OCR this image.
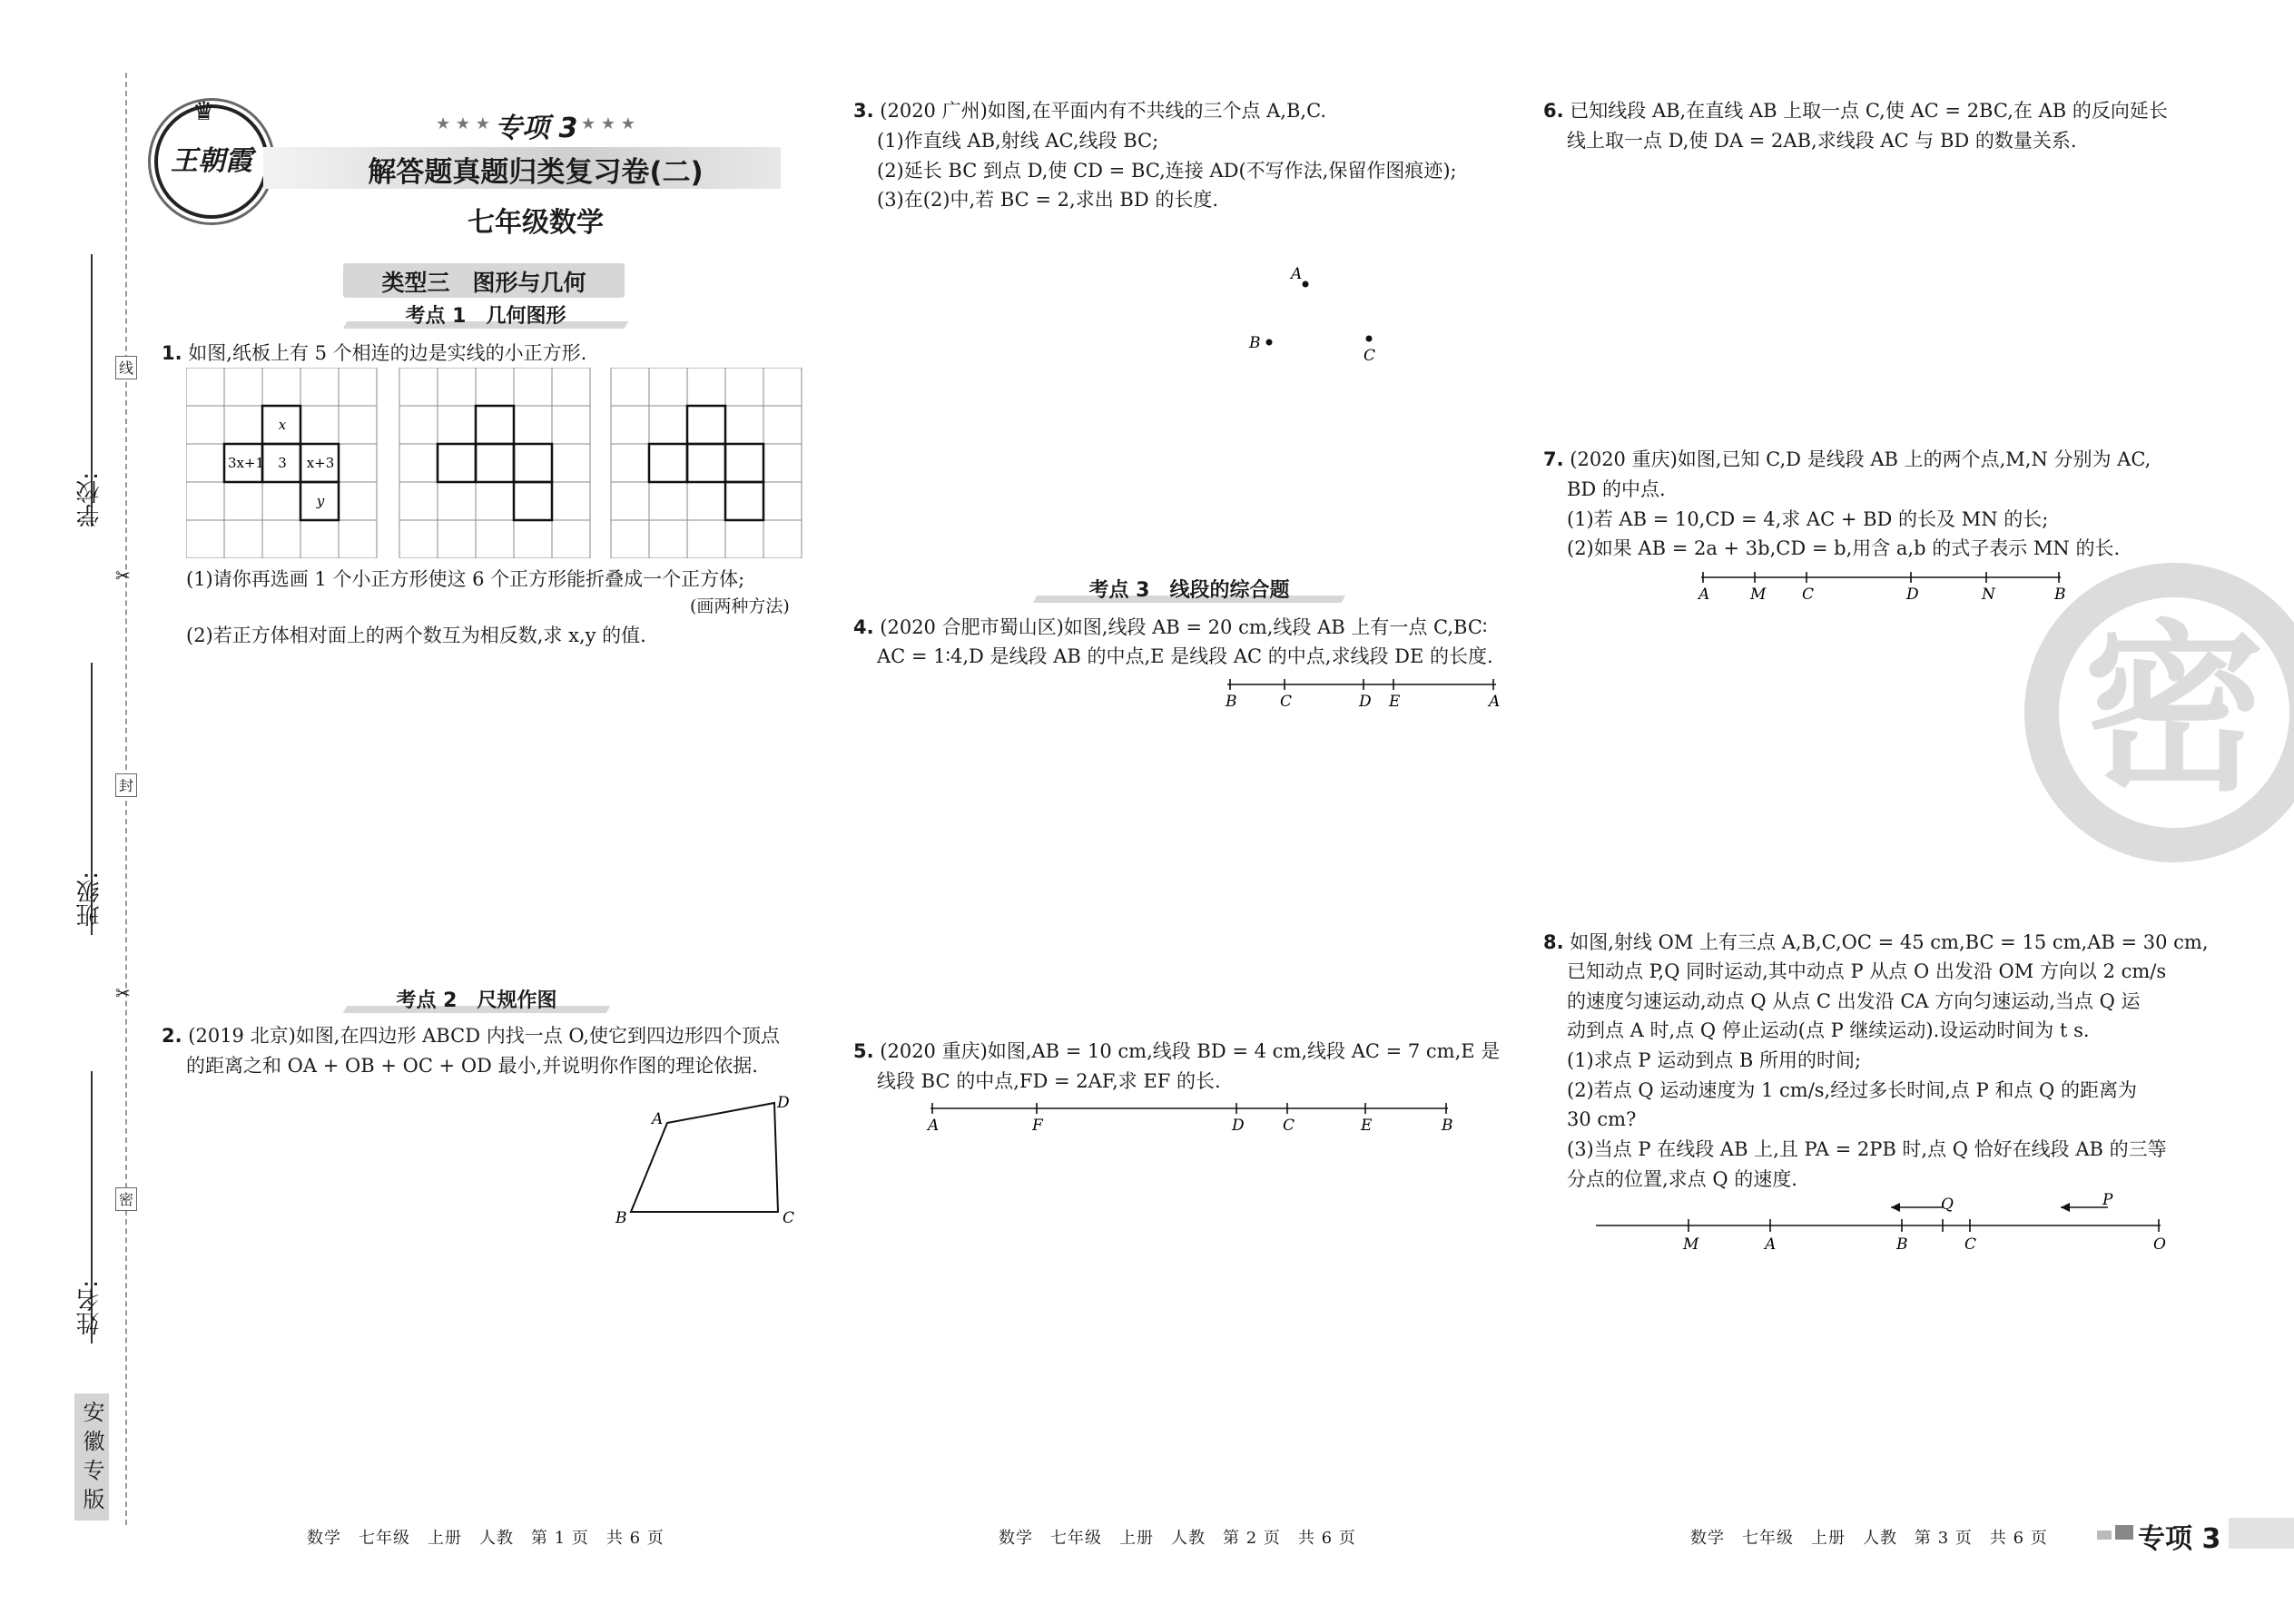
学校:
班级:
姓名:
线
封
密
✂
✂
安徽专版
王朝霞
♛	★ ★ ★ 专项 3 ★ ★ ★
解答题真题归类复习卷(二)
七年级数学
类型三　图形与几何
考点 1　几何图形
1. 如图,纸板上有 5 个相连的边是实线的小正方形.
x
3x+1 3 x+3
y
(1)请你再选画 1 个小正方形使这 6 个正方形能折叠成一个正方体;
(画两种方法)
(2)若正方体相对面上的两个数互为相反数,求 x,y 的值.
考点 2　尺规作图
2. (2019 北京)如图,在四边形 ABCD 内找一点 O,使它到四边形四个顶点
的距离之和 OA + OB + OC + OD 最小,并说明你作图的理论依据.
A
D
B	C
3. (2020 广州)如图,在平面内有不共线的三个点 A,B,C.
(1)作直线 AB,射线 AC,线段 BC;
(2)延长 BC 到点 D,使 CD = BC,连接 AD(不写作法,保留作图痕迹);
(3)在(2)中,若 BC = 2,求出 BD 的长度.
A
B
C
考点 3　线段的综合题
4. (2020 合肥市蜀山区)如图,线段 AB = 20 cm,线段 AB 上有一点 C,BC∶
AC = 1∶4,D 是线段 AB 的中点,E 是线段 AC 的中点,求线段 DE 的长度.
B	C	D E	A
5. (2020 重庆)如图,AB = 10 cm,线段 BD = 4 cm,线段 AC = 7 cm,E 是
线段 BC 的中点,FD = 2AF,求 EF 的长.
A	F	D C	E	B
6. 已知线段 AB,在直线 AB 上取一点 C,使 AC = 2BC,在 AB 的反向延长
线上取一点 D,使 DA = 2AB,求线段 AC 与 BD 的数量关系.
7. (2020 重庆)如图,已知 C,D 是线段 AB 上的两个点,M,N 分别为 AC,
BD 的中点.
(1)若 AB = 10,CD = 4,求 AC + BD 的长及 MN 的长;
(2)如果 AB = 2a + 3b,CD = b,用含 a,b 的式子表示 MN 的长.
A	M C	D	N	B
密
8. 如图,射线 OM 上有三点 A,B,C,OC = 45 cm,BC = 15 cm,AB = 30 cm,
已知动点 P,Q 同时运动,其中动点 P 从点 O 出发沿 OM 方向以 2 cm/s
的速度匀速运动,动点 Q 从点 C 出发沿 CA 方向匀速运动,当点 Q 运
动到点 A 时,点 Q 停止运动(点 P 继续运动).设运动时间为 t s.
(1)求点 P 运动到点 B 所用的时间;
(2)若点 Q 运动速度为 1 cm/s,经过多长时间,点 P 和点 Q 的距离为
30 cm?
(3)当点 P 在线段 AB 上,且 PA = 2PB 时,点 Q 恰好在线段 AB 的三等
分点的位置,求点 Q 的速度.
M	A	B	C	O
Q	P
数学　七年级　上册　人教　第 1 页　共 6 页	数学　七年级　上册　人教　第 2 页　共 6 页	数学　七年级　上册　人教　第 3 页　共 6 页	专项 3
